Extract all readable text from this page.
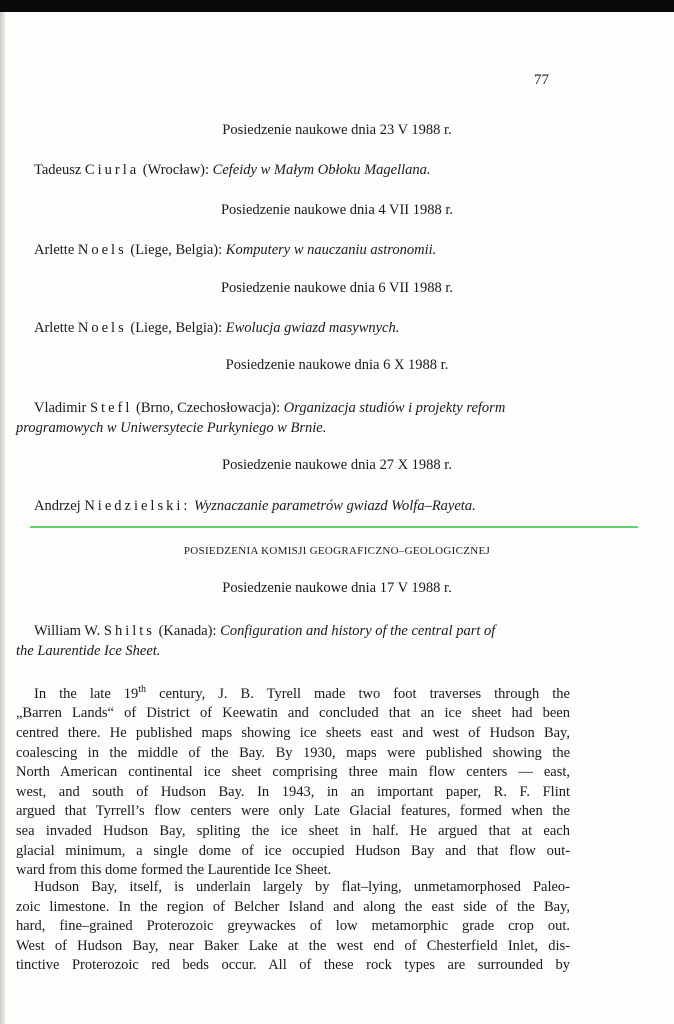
77
Posiedzenie naukowe dnia 23 V 1988 r.
Tadeusz Ciurla (Wrocław): Cefeidy w Małym Obłoku Magellana.
Posiedzenie naukowe dnia 4 VII 1988 r.
Arlette Noels (Liege, Belgia): Komputery w nauczaniu astronomii.
Posiedzenie naukowe dnia 6 VII 1988 r.
Arlette Noels (Liege, Belgia): Ewolucja gwiazd masywnych.
Posiedzenie naukowe dnia 6 X 1988 r.
Vladimir Stefl (Brno, Czechosłowacja): Organizacja studiów i projekty reform
programowych w Uniwersytecie Purkyniego w Brnie.
Posiedzenie naukowe dnia 27 X 1988 r.
Andrzej Niedzielski: Wyznaczanie parametrów gwiazd Wolfa–Rayeta.
POSIEDZENIA KOMISJI GEOGRAFICZNO–GEOLOGICZNEJ
Posiedzenie naukowe dnia 17 V 1988 r.
William W. Shilts (Kanada): Configuration and history of the central part of
the Laurentide Ice Sheet.
In the late 19th century, J. B. Tyrell made two foot traverses through the
„Barren Lands“ of District of Keewatin and concluded that an ice sheet had been
centred there. He published maps showing ice sheets east and west of Hudson Bay,
coalescing in the middle of the Bay. By 1930, maps were published showing the
North American continental ice sheet comprising three main flow centers — east,
west, and south of Hudson Bay. In 1943, in an important paper, R. F. Flint
argued that Tyrrell’s flow centers were only Late Glacial features, formed when the
sea invaded Hudson Bay, spliting the ice sheet in half. He argued that at each
glacial minimum, a single dome of ice occupied Hudson Bay and that flow out-
ward from this dome formed the Laurentide Ice Sheet.
Hudson Bay, itself, is underlain largely by flat–lying, unmetamorphosed Paleo-
zoic limestone. In the region of Belcher Island and along the east side of the Bay,
hard, fine–grained Proterozoic greywackes of low metamorphic grade crop out.
West of Hudson Bay, near Baker Lake at the west end of Chesterfield Inlet, dis-
tinctive Proterozoic red beds occur. All of these rock types are surrounded by
